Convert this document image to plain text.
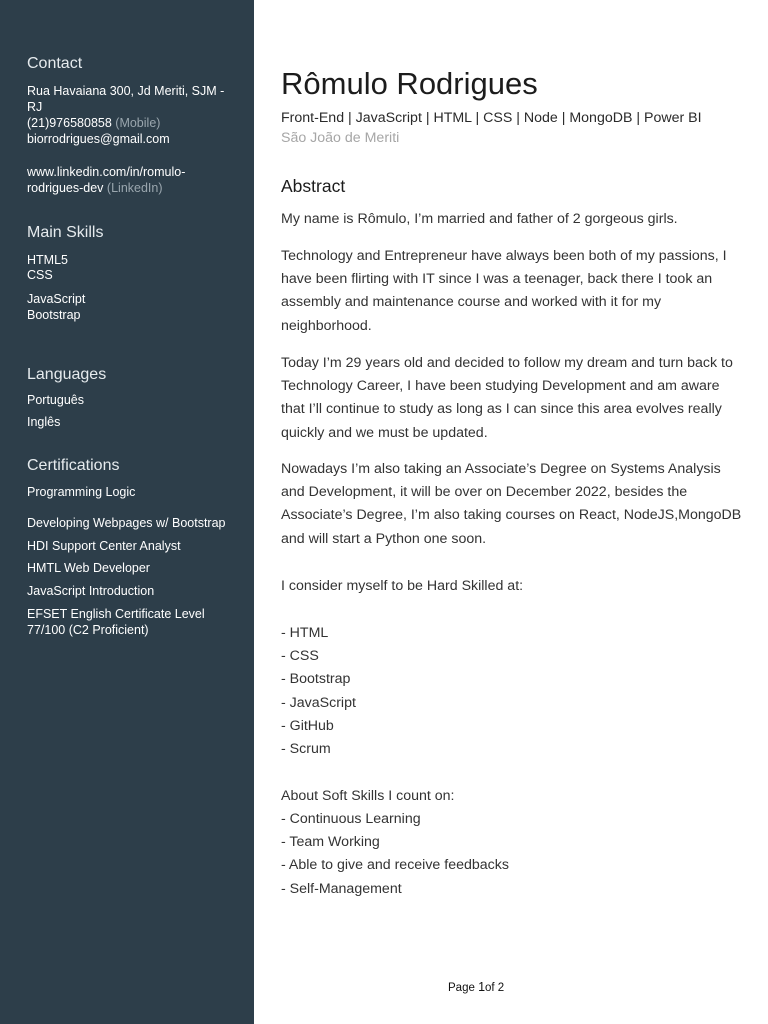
Contact
Rua Havaiana 300, Jd Meriti, SJM -
RJ
(21)976580858 (Mobile)
biorrodrigues@gmail.com
www.linkedin.com/in/romulo-
rodrigues-dev (LinkedIn)
Main Skills
HTML5
CSS
JavaScript
Bootstrap
Languages
Português
Inglês
Certifications
Programming Logic
Developing Webpages w/ Bootstrap
HDI Support Center Analyst
HMTL Web Developer
JavaScript Introduction
EFSET English Certificate Level
77/100 (C2 Proficient)
Rômulo Rodrigues
Front-End | JavaScript | HTML | CSS | Node | MongoDB | Power BI
São João de Meriti
Abstract
My name is Rômulo, I’m married and father of 2 gorgeous girls.
Technology and Entrepreneur have always been both of my passions, I have been flirting with IT since I was a teenager, back there I took an assembly and maintenance course and worked with it for my neighborhood.
Today I’m 29 years old and decided to follow my dream and turn back to Technology Career, I have been studying Development and am aware that I’ll continue to study as long as I can since this area evolves really quickly and we must be updated.
Nowadays I’m also taking an Associate’s Degree on Systems Analysis and Development, it will be over on December 2022, besides the Associate’s Degree, I’m also taking courses on React, NodeJS,MongoDB and will start a Python one soon.
I consider myself to be Hard Skilled at:
- HTML
- CSS
- Bootstrap
- JavaScript
- GitHub
- Scrum
About Soft Skills I count on:
- Continuous Learning
- Team Working
- Able to give and receive feedbacks
- Self-Management
Page 1of 2
